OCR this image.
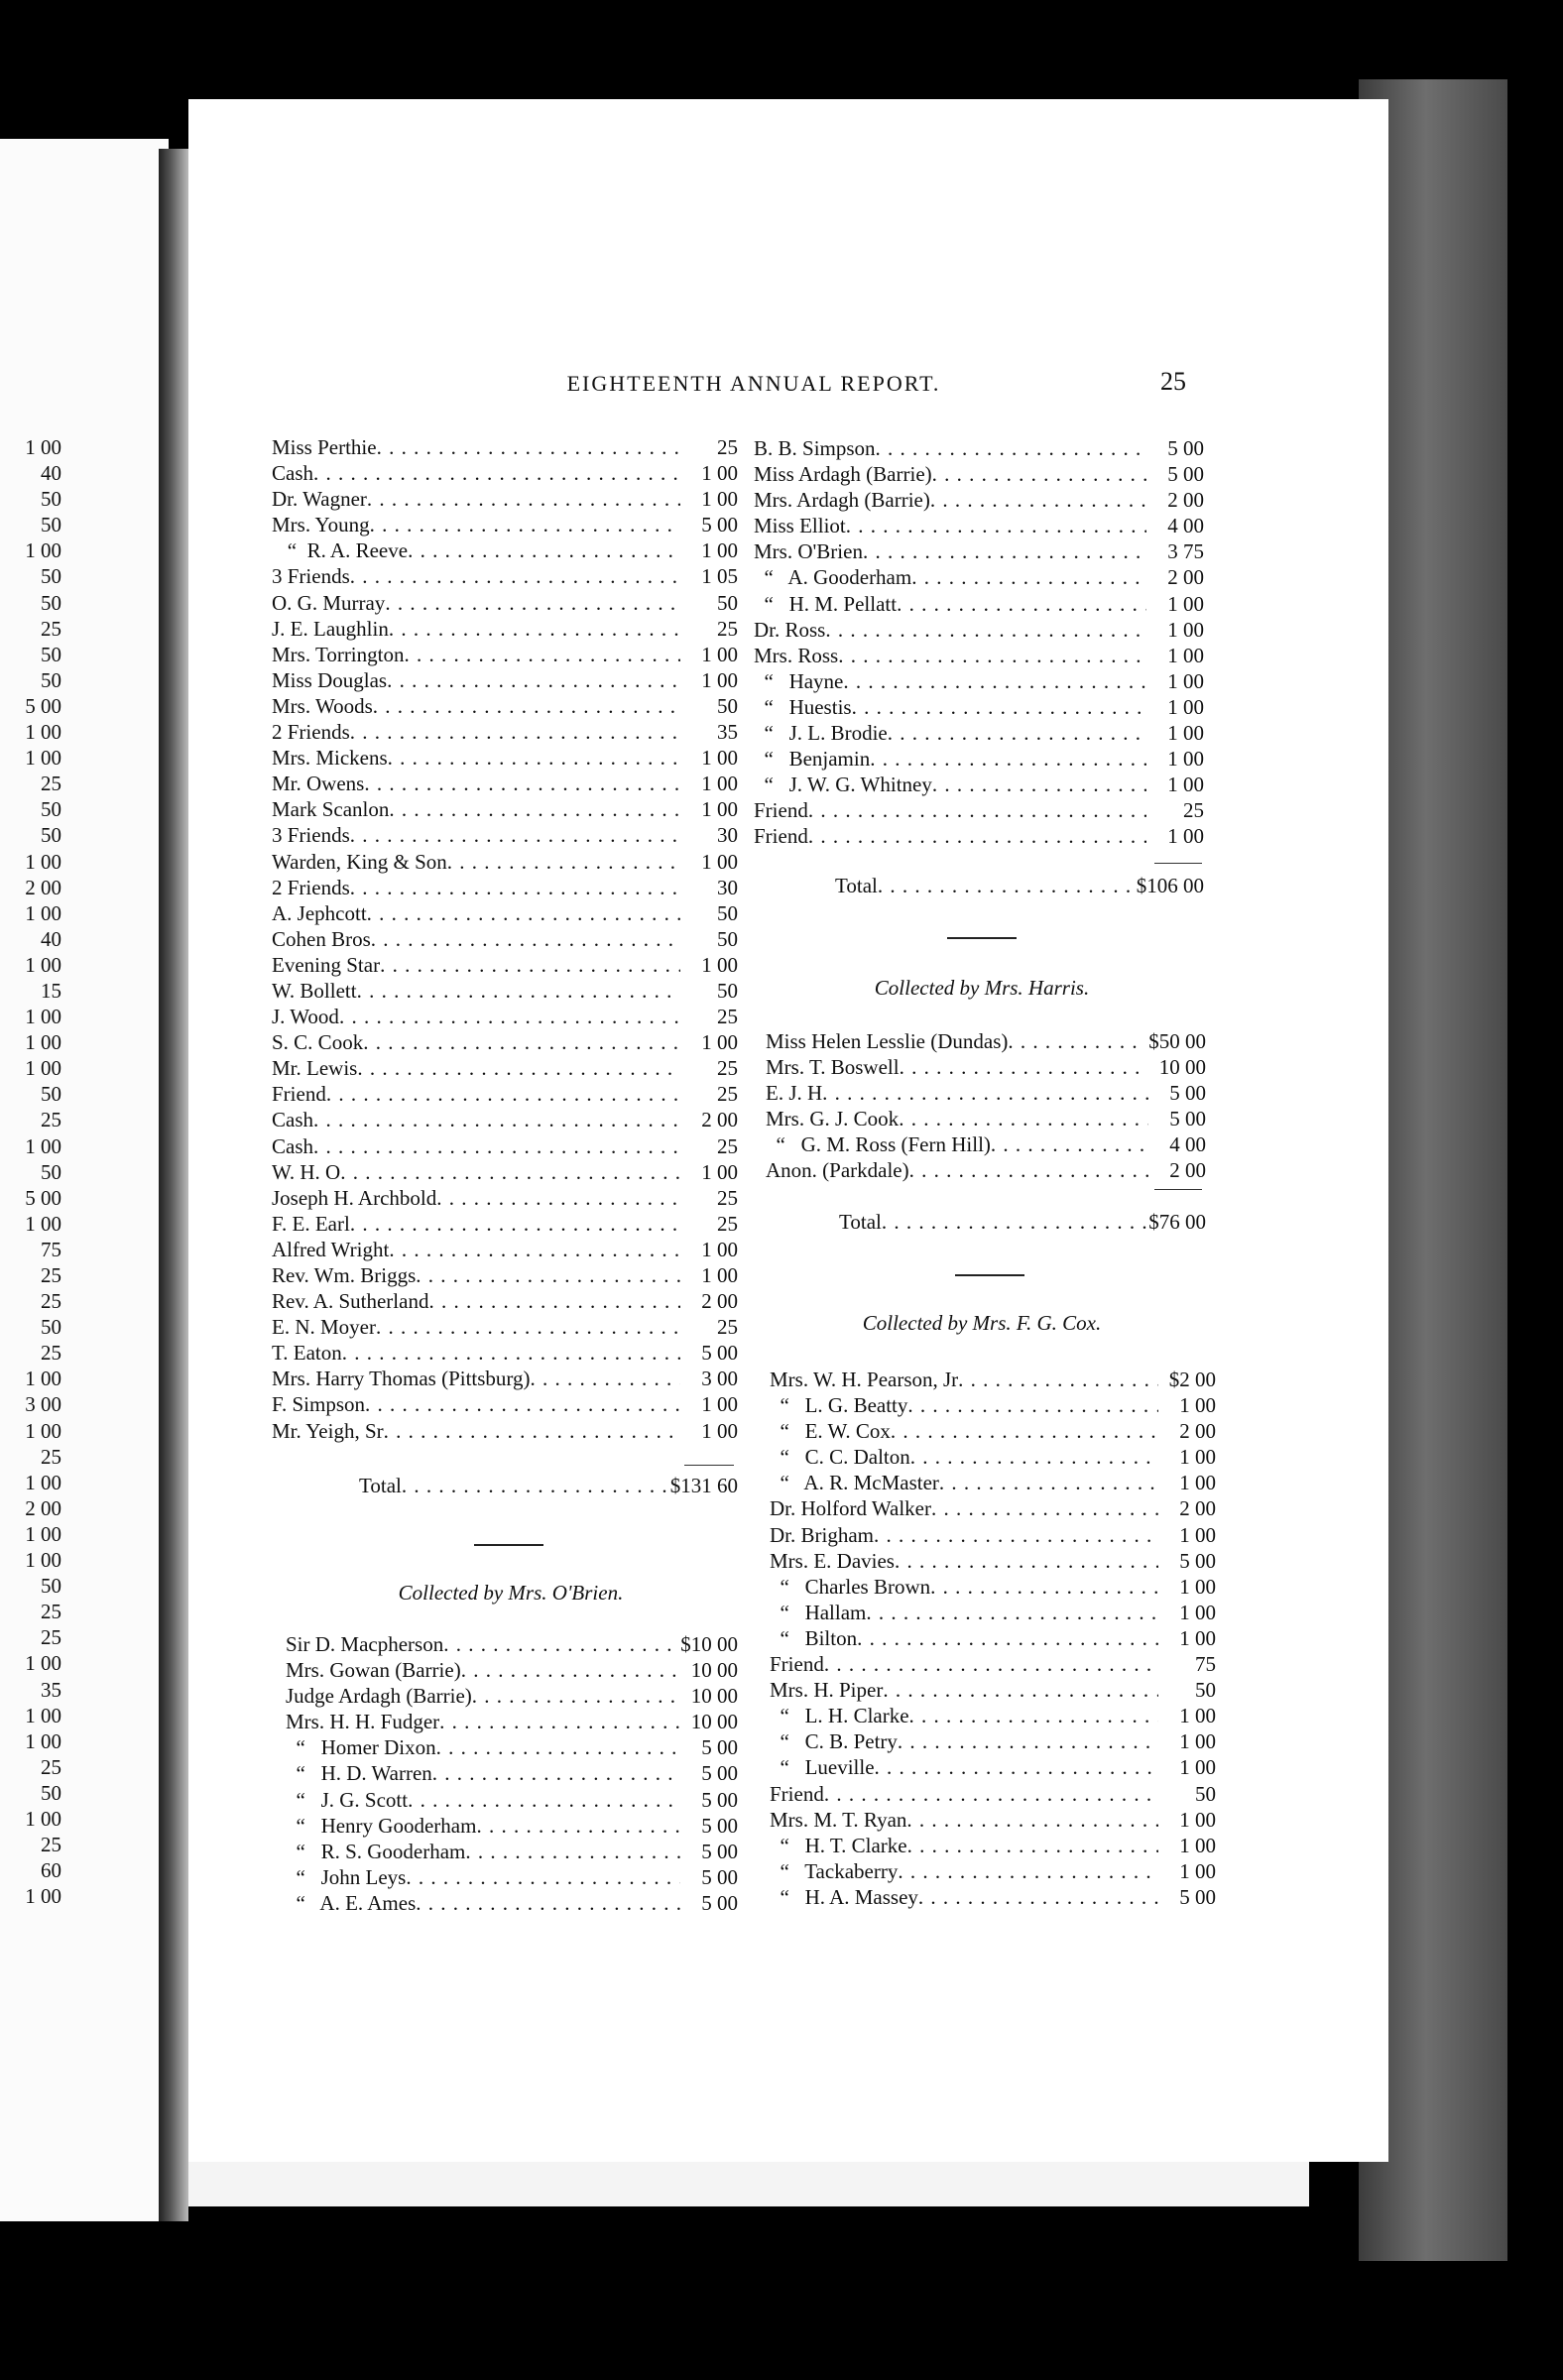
1 00
40
50
50
1 00
50
50
25
50
50
5 00
1 00
1 00
25
50
50
1 00
2 00
1 00
40
1 00
15
1 00
1 00
1 00
50
25
1 00
50
5 00
1 00
75
25
25
50
25
1 00
3 00
1 00
25
1 00
2 00
1 00
1 00
50
25
25
1 00
35
1 00
1 00
25
50
1 00
25
60
1 00
EIGHTEENTH ANNUAL REPORT.	25
Miss Perthie . . .	25
Cash . . .	1 00
Dr. Wagner . . .	1 00
Mrs. Young . . .	5 00
“  R. A. Reeve . . .	1 00
3 Friends . . .	1 05
O. G. Murray . . .	50
J. E. Laughlin . . .	25
Mrs. Torrington . . .	1 00
Miss Douglas . . .	1 00
Mrs. Woods . . .	50
2 Friends . . .	35
Mrs. Mickens . . .	1 00
Mr. Owens . . .	1 00
Mark Scanlon . . .	1 00
3 Friends . . .	30
Warden, King & Son . . .	1 00
2 Friends . . .	30
A. Jephcott . . .	50
Cohen Bros . . .	50
Evening Star . . .	1 00
W. Bollett . . .	50
J. Wood . . .	25
S. C. Cook . . .	1 00
Mr. Lewis . . .	25
Friend . . .	25
Cash . . .	2 00
Cash . . .	25
W. H. O . . .	1 00
Joseph H. Archbold . . .	25
F. E. Earl . . .	25
Alfred Wright . . .	1 00
Rev. Wm. Briggs . . .	1 00
Rev. A. Sutherland . . .	2 00
E. N. Moyer . . .	25
T. Eaton . . .	5 00
Mrs. Harry Thomas (Pittsburg) . . .	3 00
F. Simpson . . .	1 00
Mr. Yeigh, Sr . . .	1 00
Total . . .	$131 60
Collected by Mrs. O'Brien.
Sir D. Macpherson . . .	$10 00
Mrs. Gowan (Barrie) . . .	10 00
Judge Ardagh (Barrie) . . .	10 00
Mrs. H. H. Fudger . . .	10 00
“   Homer Dixon . . .	5 00
“   H. D. Warren . . .	5 00
“   J. G. Scott . . .	5 00
“   Henry Gooderham . . .	5 00
“   R. S. Gooderham . . .	5 00
“   John Leys . . .	5 00
“   A. E. Ames . . .	5 00
B. B. Simpson . . .	5 00
Miss Ardagh (Barrie) . . .	5 00
Mrs. Ardagh (Barrie) . . .	2 00
Miss Elliot . . .	4 00
Mrs. O'Brien . . .	3 75
“   A. Gooderham . . .	2 00
“   H. M. Pellatt . . .	1 00
Dr. Ross . . .	1 00
Mrs. Ross . . .	1 00
“   Hayne . . .	1 00
“   Huestis . . .	1 00
“   J. L. Brodie . . .	1 00
“   Benjamin . . .	1 00
“   J. W. G. Whitney . . .	1 00
Friend . . .	25
Friend . . .	1 00
Total . . .	$106 00
Collected by Mrs. Harris.
Miss Helen Lesslie (Dundas) . . .	$50 00
Mrs. T. Boswell . . .	10 00
E. J. H . . .	5 00
Mrs. G. J. Cook . . .	5 00
“   G. M. Ross (Fern Hill) . . .	4 00
Anon. (Parkdale) . . .	2 00
Total . . .	$76 00
Collected by Mrs. F. G. Cox.
Mrs. W. H. Pearson, Jr . . .	$2 00
“   L. G. Beatty . . .	1 00
“   E. W. Cox . . .	2 00
“   C. C. Dalton . . .	1 00
“   A. R. McMaster . . .	1 00
Dr. Holford Walker . . .	2 00
Dr. Brigham . . .	1 00
Mrs. E. Davies . . .	5 00
“   Charles Brown . . .	1 00
“   Hallam . . .	1 00
“   Bilton . . .	1 00
Friend . . .	75
Mrs. H. Piper . . .	50
“   L. H. Clarke . . .	1 00
“   C. B. Petry . . .	1 00
“   Lueville . . .	1 00
Friend . . .	50
Mrs. M. T. Ryan . . .	1 00
“   H. T. Clarke . . .	1 00
“   Tackaberry . . .	1 00
“   H. A. Massey . . .	5 00
